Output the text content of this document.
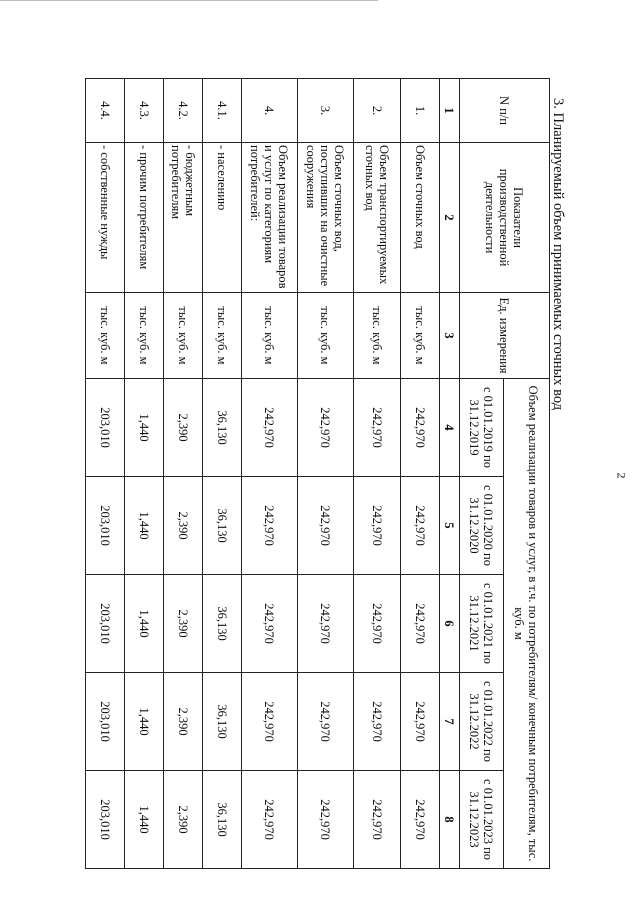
2
3. Планируемый объем принимаемых сточных вод
N п/п	Показатели производственной деятельности	Ед. измерения	Объем реализации товаров и услуг, в т.ч. по потребителям/ конечным потребителям, тыс. куб. м				
			с 01.01.2019 по 31.12.2019	с 01.01.2020 по 31.12.2020	с 01.01.2021 по 31.12.2021	с 01.01.2022 по 31.12.2022	с 01.01.2023 по 31.12.2023
1	2	3	4	5	6	7	8
1.	Объем сточных вод	тыс. куб. м	242,970	242,970	242,970	242,970	242,970
2.	Объем транспортируемых сточных вод	тыс. куб. м	242,970	242,970	242,970	242,970	242,970
3.	Объем сточных вод, поступивших на очистные сооружения	тыс. куб. м	242,970	242,970	242,970	242,970	242,970
4.	Объем реализации товаров и услуг по категориям потребителей:	тыс. куб. м	242,970	242,970	242,970	242,970	242,970
4.1.	- населению	тыс. куб. м	36,130	36,130	36,130	36,130	36,130
4.2.	- бюджетным потребителям	тыс. куб. м	2,390	2,390	2,390	2,390	2,390
4.3.	- прочим потребителям	тыс. куб. м	1,440	1,440	1,440	1,440	1,440
4.4.	- собственные нужды	тыс. куб. м	203,010	203,010	203,010	203,010	203,010
